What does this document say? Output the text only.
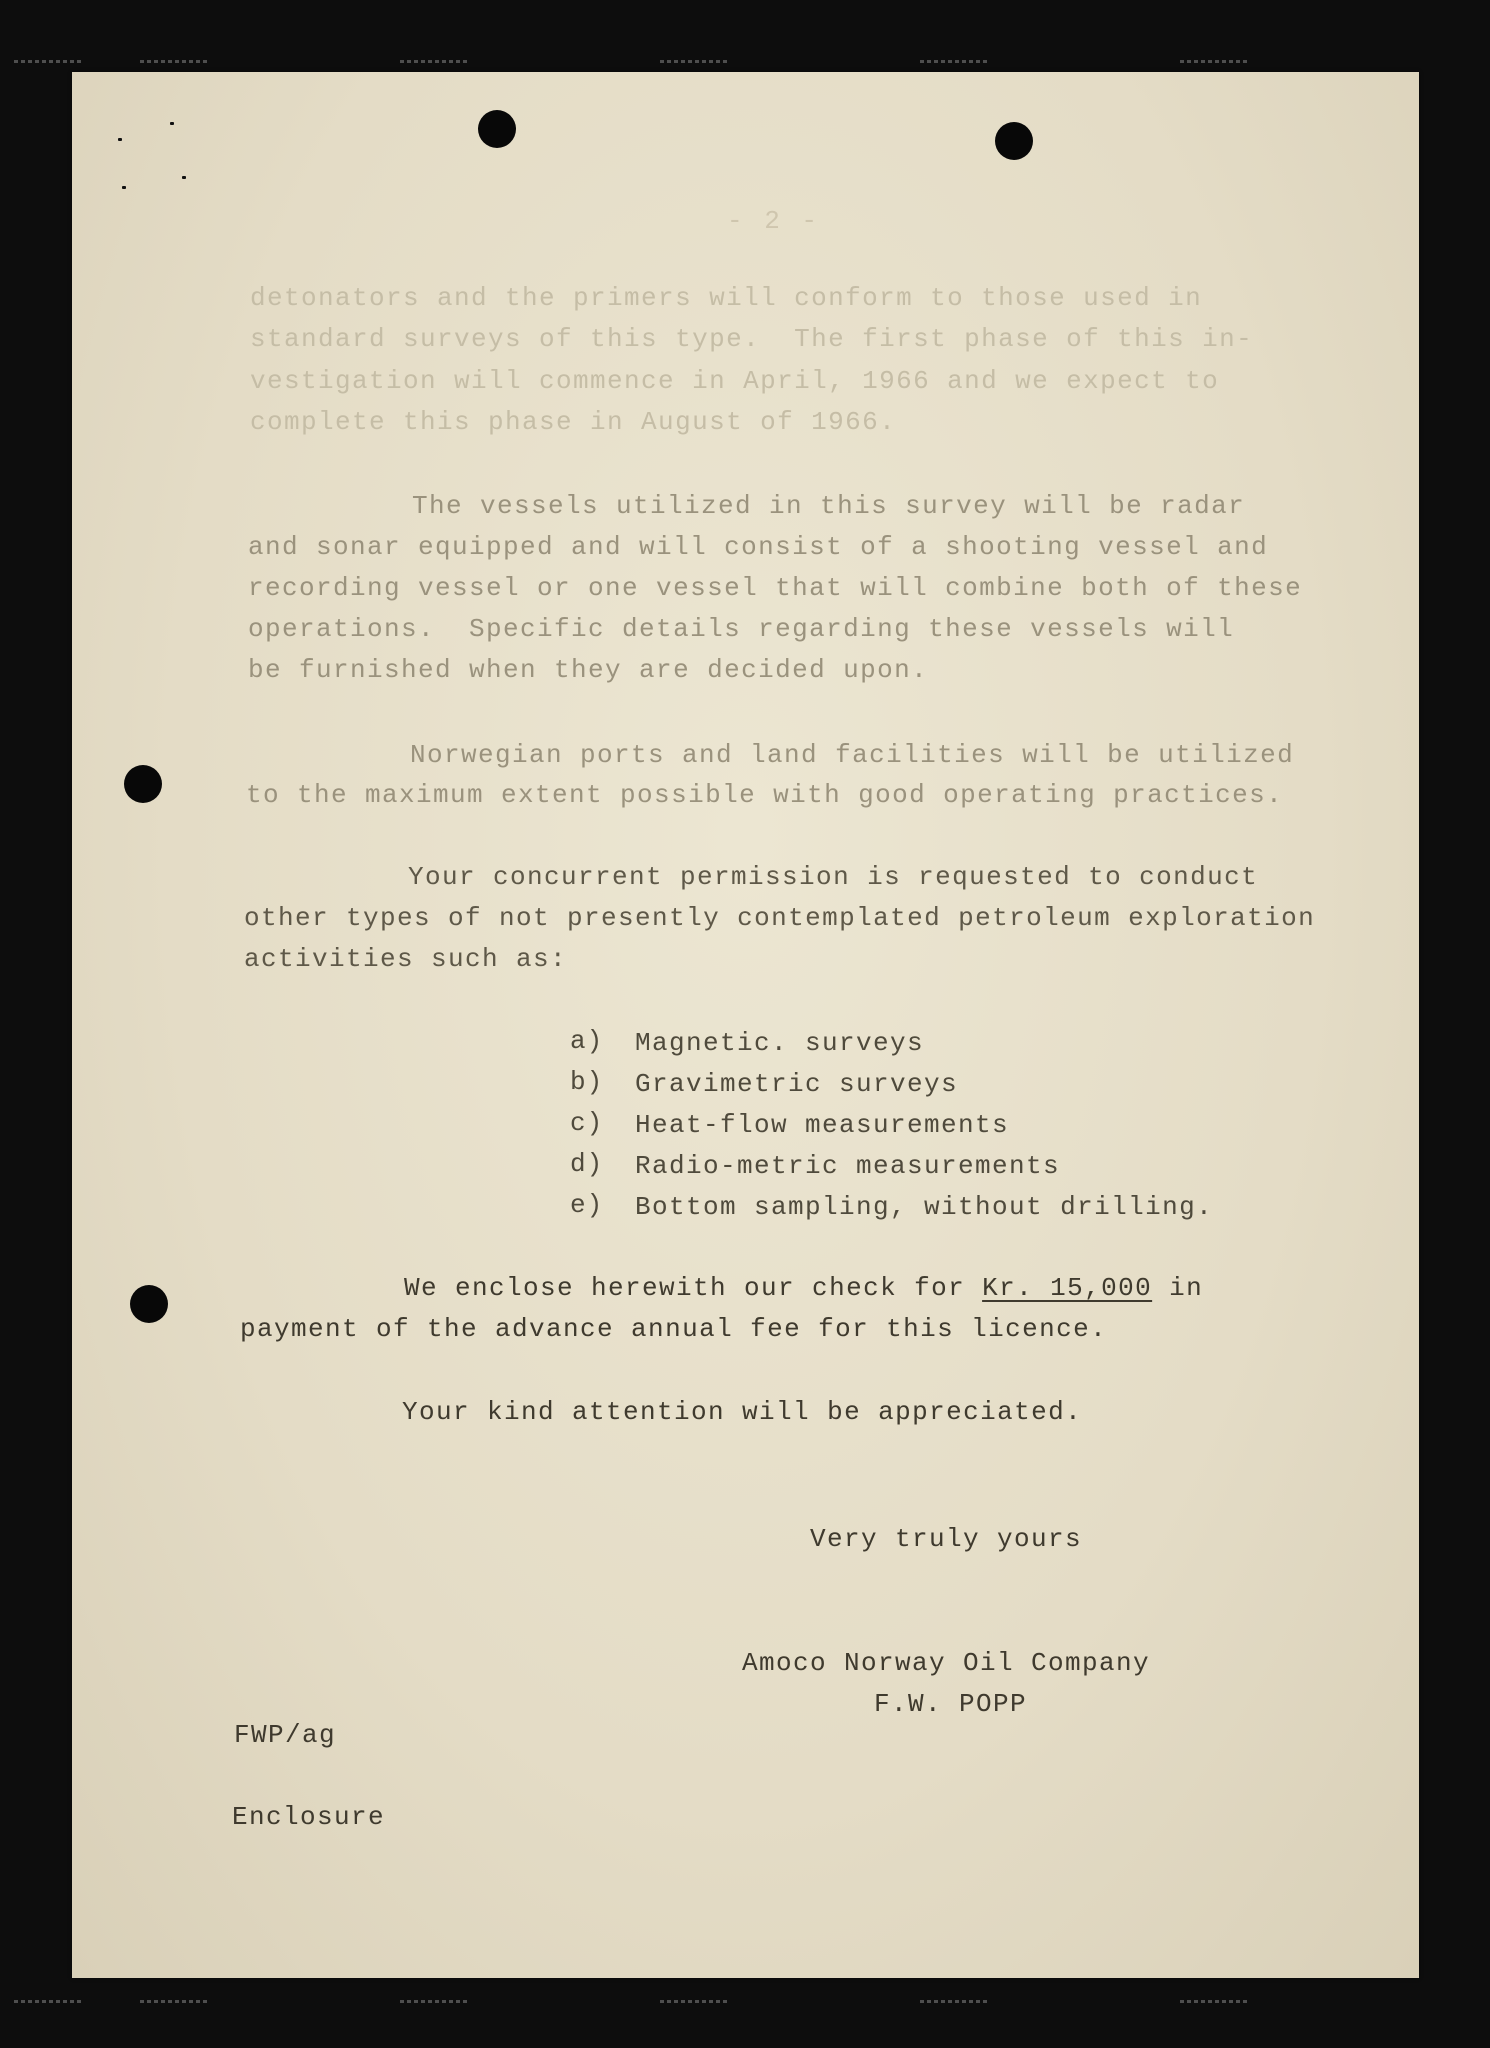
- 2 -
detonators and the primers will conform to those used in
standard surveys of this type.  The first phase of this in-
vestigation will commence in April, 1966 and we expect to
complete this phase in August of 1966.
The vessels utilized in this survey will be radar
and sonar equipped and will consist of a shooting vessel and
recording vessel or one vessel that will combine both of these
operations.  Specific details regarding these vessels will
be furnished when they are decided upon.
Norwegian ports and land facilities will be utilized
to the maximum extent possible with good operating practices.
Your concurrent permission is requested to conduct
other types of not presently contemplated petroleum exploration
activities such as:
a) Magnetic. surveys
b) Gravimetric surveys
c) Heat-flow measurements
d) Radio-metric measurements
e) Bottom sampling, without drilling.
We enclose herewith our check for Kr. 15,000 in
payment of the advance annual fee for this licence.
Your kind attention will be appreciated.
Very truly yours
Amoco Norway Oil Company
F.W. POPP
FWP/ag
Enclosure
